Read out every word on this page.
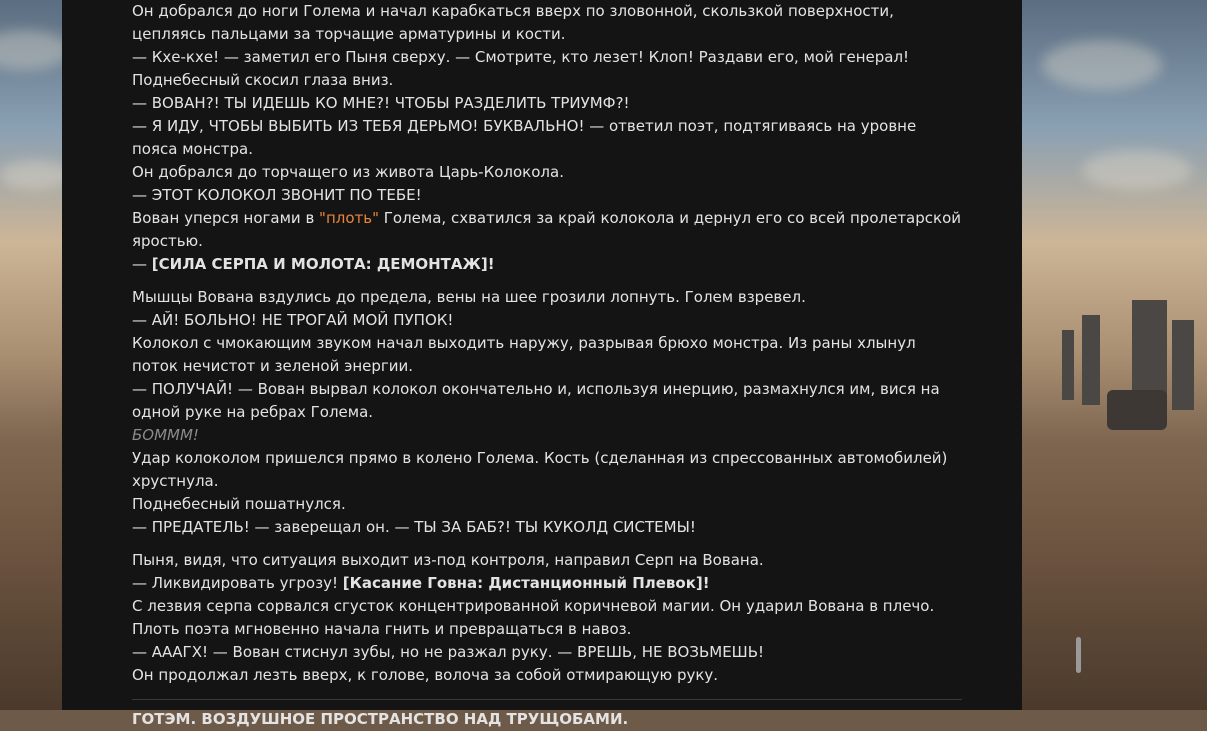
Он добрался до ноги Голема и начал карабкаться вверх по зловонной, скользкой поверхности, цепляясь пальцами за торчащие арматурины и кости.
— Кхе-кхе! — заметил его Пыня сверху. — Смотрите, кто лезет! Клоп! Раздави его, мой генерал!
Поднебесный скосил глаза вниз.
— ВОВАН?! ТЫ ИДЕШЬ КО МНЕ?! ЧТОБЫ РАЗДЕЛИТЬ ТРИУМФ?!
— Я ИДУ, ЧТОБЫ ВЫБИТЬ ИЗ ТЕБЯ ДЕРЬМО! БУКВАЛЬНО! — ответил поэт, подтягиваясь на уровне пояса монстра.
Он добрался до торчащего из живота Царь-Колокола.
— ЭТОТ КОЛОКОЛ ЗВОНИТ ПО ТЕБЕ!
Вован уперся ногами в "плоть" Голема, схватился за край колокола и дернул его со всей пролетарской яростью.
— [СИЛА СЕРПА И МОЛОТА: ДЕМОНТАЖ]!
Мышцы Вована вздулись до предела, вены на шее грозили лопнуть. Голем взревел.
— АЙ! БОЛЬНО! НЕ ТРОГАЙ МОЙ ПУПОК!
Колокол с чмокающим звуком начал выходить наружу, разрывая брюхо монстра. Из раны хлынул поток нечистот и зеленой энергии.
— ПОЛУЧАЙ! — Вован вырвал колокол окончательно и, используя инерцию, размахнулся им, вися на одной руке на ребрах Голема.
БОМММ!
Удар колоколом пришелся прямо в колено Голема. Кость (сделанная из спрессованных автомобилей) хрустнула.
Поднебесный пошатнулся.
— ПРЕДАТЕЛЬ! — заверещал он. — ТЫ ЗА БАБ?! ТЫ КУКОЛД СИСТЕМЫ!
Пыня, видя, что ситуация выходит из-под контроля, направил Серп на Вована.
— Ликвидировать угрозу! [Касание Говна: Дистанционный Плевок]!
С лезвия серпа сорвался сгусток концентрированной коричневой магии. Он ударил Вована в плечо.
Плоть поэта мгновенно начала гнить и превращаться в навоз.
— АААГХ! — Вован стиснул зубы, но не разжал руку. — ВРЕШЬ, НЕ ВОЗЬМЕШЬ!
Он продолжал лезть вверх, к голове, волоча за собой отмирающую руку.
ГОТЭМ. ВОЗДУШНОЕ ПРОСТРАНСТВО НАД ТРУЩОБАМИ.
